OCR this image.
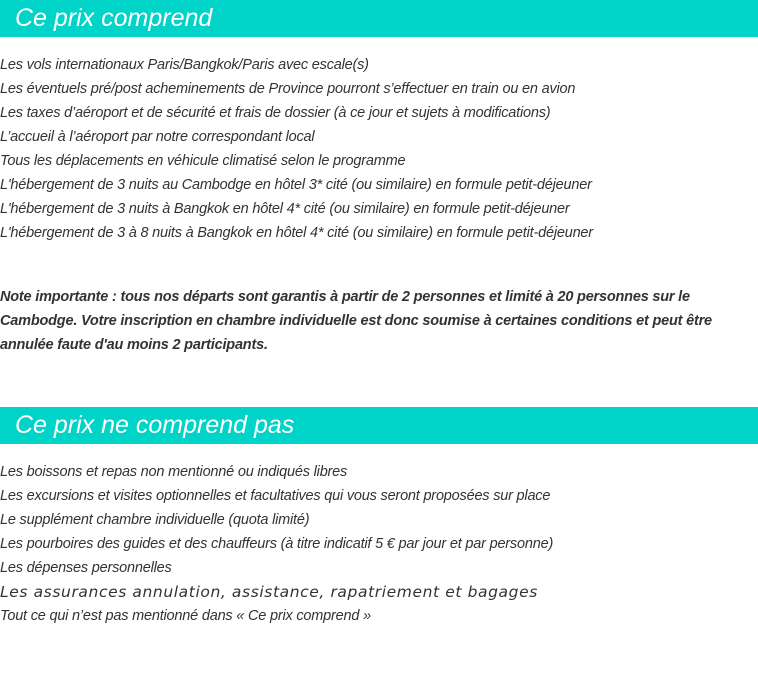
Ce prix comprend
Les vols internationaux Paris/Bangkok/Paris avec escale(s)
Les éventuels pré/post acheminements de Province pourront s’effectuer en train ou en avion
Les taxes d’aéroport et de sécurité et frais de dossier (à ce jour et sujets à modifications)
L’accueil à l’aéroport par notre correspondant local
Tous les déplacements en véhicule climatisé selon le programme
L'hébergement de 3 nuits au Cambodge en hôtel 3* cité (ou similaire) en formule petit-déjeuner
L'hébergement de 3 nuits à Bangkok en hôtel 4* cité (ou similaire) en formule petit-déjeuner
L'hébergement de 3 à 8 nuits à Bangkok en hôtel 4* cité (ou similaire) en formule petit-déjeuner

Note importante : tous nos départs sont garantis à partir de 2 personnes et limité à 20 personnes sur le Cambodge. Votre inscription en chambre individuelle est donc soumise à certaines conditions et peut être annulée faute d'au moins 2 participants.

Ce prix ne comprend pas
Les boissons et repas non mentionné ou indiqués libres
Les excursions et visites optionnelles et facultatives qui vous seront proposées sur place
Le supplément chambre individuelle (quota limité)
Les pourboires des guides et des chauffeurs (à titre indicatif 5 € par jour et par personne)
Les dépenses personnelles
Les assurances annulation, assistance, rapatriement et bagages
Tout ce qui n’est pas mentionné dans « Ce prix comprend »
